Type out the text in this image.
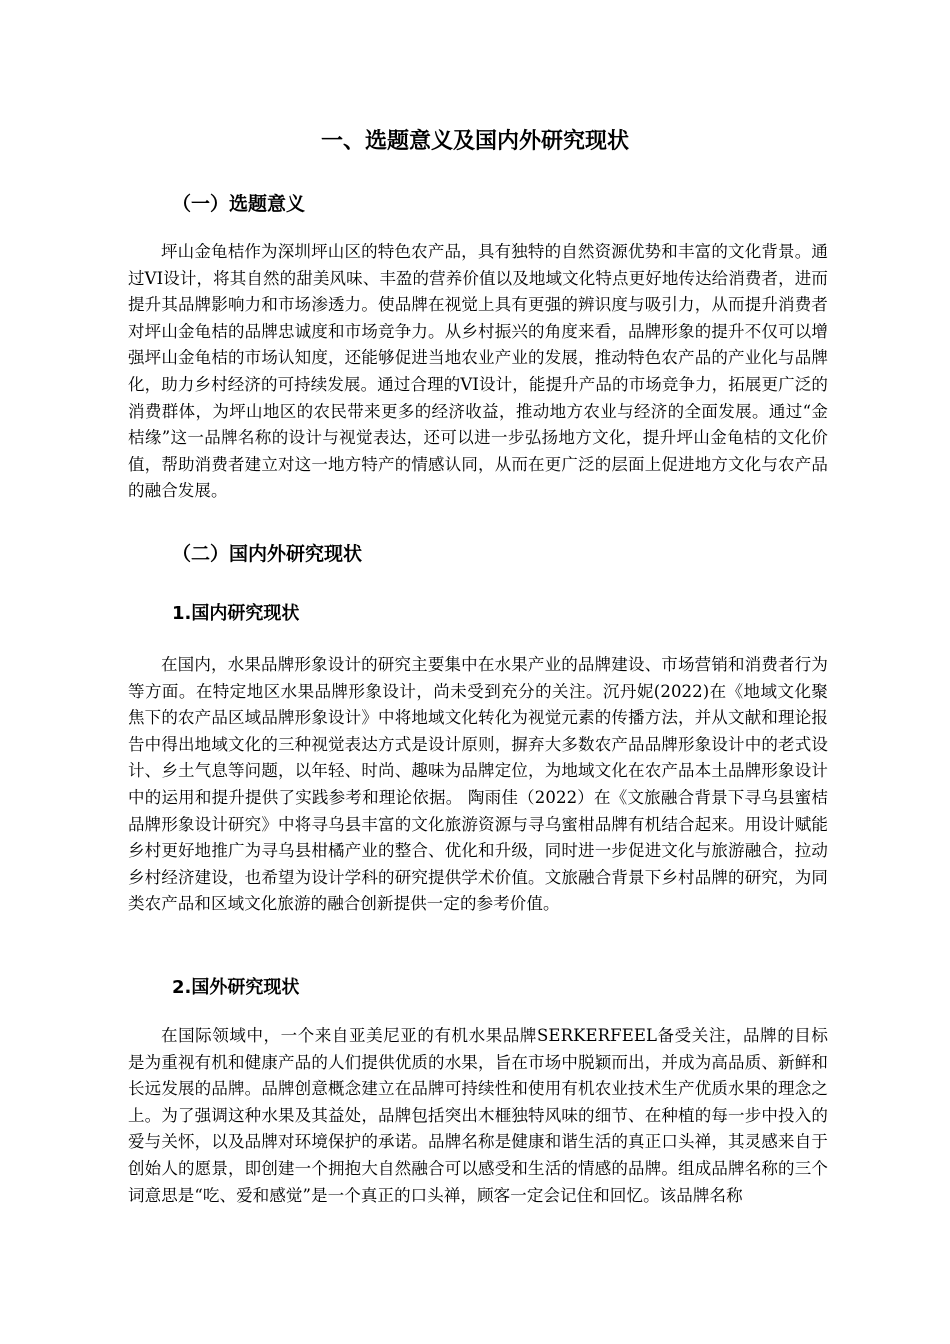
一、选题意义及国内外研究现状
（一）选题意义

坪山金龟桔作为深圳坪山区的特色农产品，具有独特的自然资源优势和丰富的文化背景。通过VI设计，将其自然的甜美风味、丰盈的营养价值以及地域文化特点更好地传达给消费者，进而提升其品牌影响力和市场渗透力。使品牌在视觉上具有更强的辨识度与吸引力，从而提升消费者对坪山金龟桔的品牌忠诚度和市场竞争力。从乡村振兴的角度来看，品牌形象的提升不仅可以增强坪山金龟桔的市场认知度，还能够促进当地农业产业的发展，推动特色农产品的产业化与品牌化，助力乡村经济的可持续发展。通过合理的VI设计，能提升产品的市场竞争力，拓展更广泛的消费群体，为坪山地区的农民带来更多的经济收益，推动地方农业与经济的全面发展。通过“金桔缘”这一品牌名称的设计与视觉表达，还可以进一步弘扬地方文化，提升坪山金龟桔的文化价值，帮助消费者建立对这一地方特产的情感认同，从而在更广泛的层面上促进地方文化与农产品的融合发展。

（二）国内外研究现状
1.国内研究现状

在国内，水果品牌形象设计的研究主要集中在水果产业的品牌建设、市场营销和消费者行为等方面。在特定地区水果品牌形象设计，尚未受到充分的关注。沉丹妮(2022)在《地域文化聚焦下的农产品区域品牌形象设计》中将地域文化转化为视觉元素的传播方法，并从文献和理论报告中得出地域文化的三种视觉表达方式是设计原则，摒弃大多数农产品品牌形象设计中的老式设计、乡土气息等问题，以年轻、时尚、趣味为品牌定位，为地域文化在农产品本土品牌形象设计中的运用和提升提供了实践参考和理论依据。 陶雨佳（2022）在《文旅融合背景下寻乌县蜜桔品牌形象设计研究》中将寻乌县丰富的文化旅游资源与寻乌蜜柑品牌有机结合起来。用设计赋能乡村更好地推广为寻乌县柑橘产业的整合、优化和升级，同时进一步促进文化与旅游融合，拉动乡村经济建设，也希望为设计学科的研究提供学术价值。文旅融合背景下乡村品牌的研究，为同类农产品和区域文化旅游的融合创新提供一定的参考价值。

2.国外研究现状

在国际领域中，一个来自亚美尼亚的有机水果品牌SERKERFEEL备受关注，品牌的目标是为重视有机和健康产品的人们提供优质的水果，旨在市场中脱颖而出，并成为高品质、新鲜和长远发展的品牌。品牌创意概念建立在品牌可持续性和使用有机农业技术生产优质水果的理念之上。为了强调这种水果及其益处，品牌包括突出木榧独特风味的细节、在种植的每一步中投入的爱与关怀，以及品牌对环境保护的承诺。品牌名称是健康和谐生活的真正口头禅，其灵感来自于创始人的愿景，即创建一个拥抱大自然融合可以感受和生活的情感的品牌。组成品牌名称的三个词意思是“吃、爱和感觉”是一个真正的口头禅，顾客一定会记住和回忆。该品牌名称
